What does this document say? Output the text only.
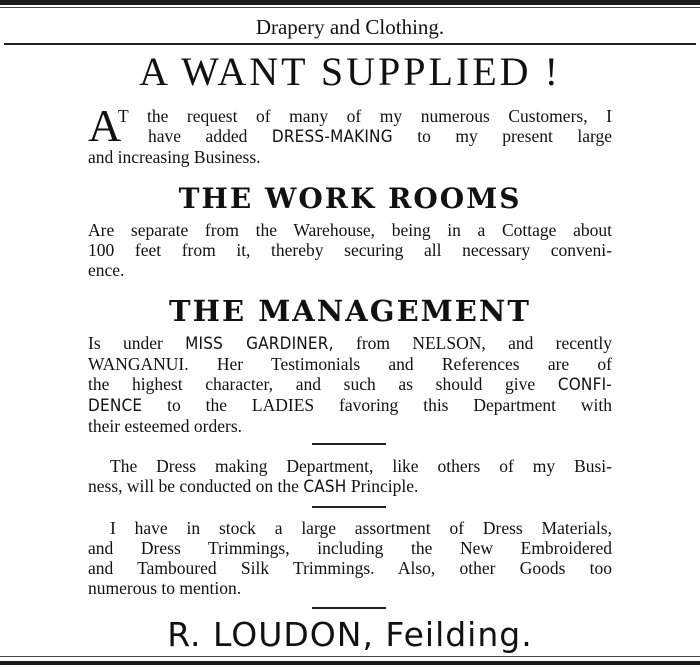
Drapery and Clothing.
A WANT SUPPLIED !
A
T the request of many of my numerous Customers, I
have added DRESS-MAKING to my present large
and increasing Business.
THE WORK ROOMS
Are separate from the Warehouse, being in a Cottage about
100 feet from it, thereby securing all necessary conveni-
ence.
THE MANAGEMENT
Is under MISS GARDINER, from NELSON, and recently
WANGANUI. Her Testimonials and References are of
the highest character, and such as should give CONFI-
DENCE to the LADIES favoring this Department with
their esteemed orders.
The Dress making Department, like others of my Busi-
ness, will be conducted on the CASH Principle.
I have in stock a large assortment of Dress Materials,
and Dress Trimmings, including the New Embroidered
and Tamboured Silk Trimmings. Also, other Goods too
numerous to mention.
R. LOUDON, Feilding.
